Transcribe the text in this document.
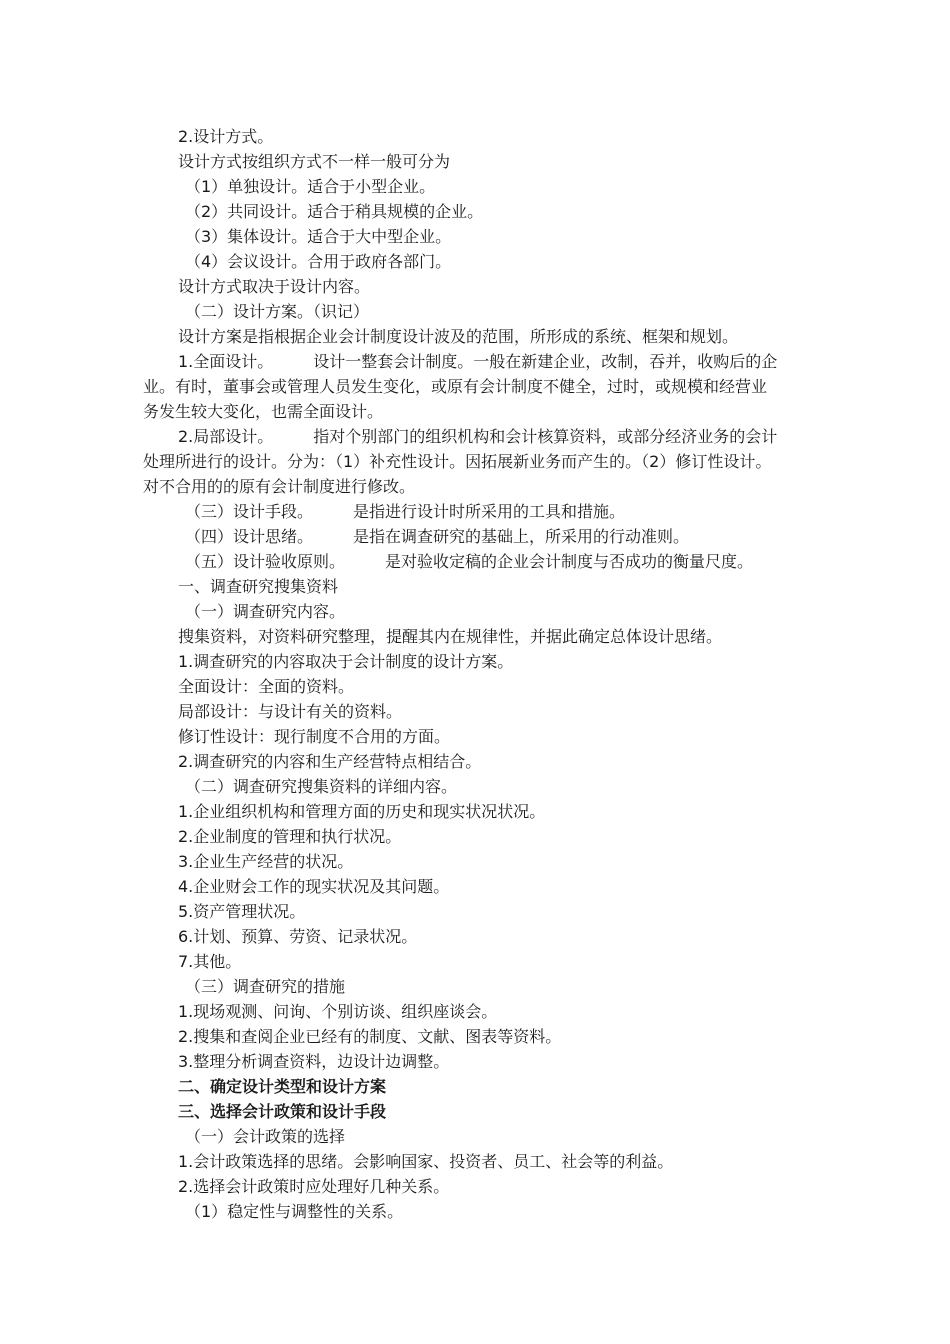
2.设计方式。
设计方式按组织方式不一样一般可分为
（1）单独设计。适合于小型企业。
（2）共同设计。适合于稍具规模的企业。
（3）集体设计。适合于大中型企业。
（4）会议设计。合用于政府各部门。
设计方式取决于设计内容。
（二）设计方案。（识记）
设计方案是指根据企业会计制度设计波及的范围，所形成的系统、框架和规划。
1.全面设计。	设计一整套会计制度。一般在新建企业，改制，吞并，收购后的企
业。有时，董事会或管理人员发生变化，或原有会计制度不健全，过时，或规模和经营业
务发生较大变化，也需全面设计。
2.局部设计。	指对个别部门的组织机构和会计核算资料，或部分经济业务的会计
处理所进行的设计。分为：（1）补充性设计。因拓展新业务而产生的。（2）修订性设计。
对不合用的的原有会计制度进行修改。
（三）设计手段。	是指进行设计时所采用的工具和措施。
（四）设计思绪。	是指在调查研究的基础上，所采用的行动准则。
（五）设计验收原则。	是对验收定稿的企业会计制度与否成功的衡量尺度。
一、调查研究搜集资料
（一）调查研究内容。
搜集资料，对资料研究整理，提醒其内在规律性，并据此确定总体设计思绪。
1.调查研究的内容取决于会计制度的设计方案。
全面设计：全面的资料。
局部设计：与设计有关的资料。
修订性设计：现行制度不合用的方面。
2.调查研究的内容和生产经营特点相结合。
（二）调查研究搜集资料的详细内容。
1.企业组织机构和管理方面的历史和现实状况状况。
2.企业制度的管理和执行状况。
3.企业生产经营的状况。
4.企业财会工作的现实状况及其问题。
5.资产管理状况。
6.计划、预算、劳资、记录状况。
7.其他。
（三）调查研究的措施
1.现场观测、问询、个别访谈、组织座谈会。
2.搜集和查阅企业已经有的制度、文献、图表等资料。
3.整理分析调查资料，边设计边调整。
二、确定设计类型和设计方案
三、选择会计政策和设计手段
（一）会计政策的选择
1.会计政策选择的思绪。会影响国家、投资者、员工、社会等的利益。
2.选择会计政策时应处理好几种关系。
（1）稳定性与调整性的关系。
